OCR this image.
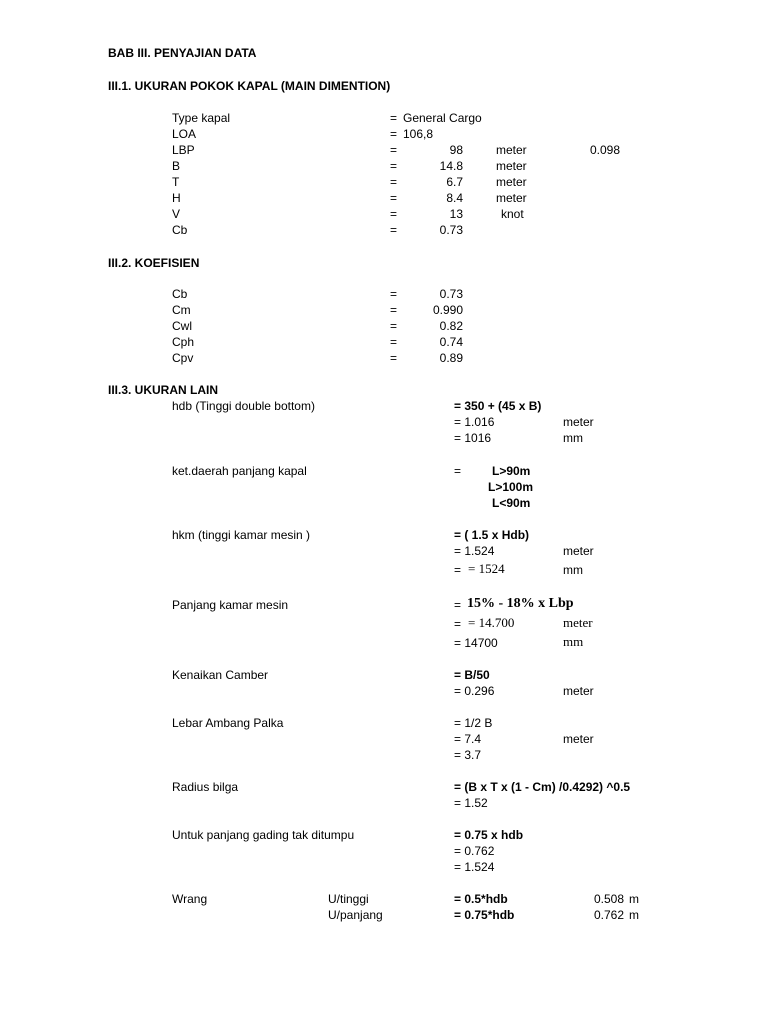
BAB III. PENYAJIAN DATA
III.1. UKURAN POKOK KAPAL (MAIN DIMENTION)
Type kapal	= General Cargo
LOA	= 106,8
LBP	=	98	meter	0.098
B	=	14.8	meter
T	=	6.7	meter
H	=	8.4	meter
V	=	13	knot
Cb	=	0.73
III.2. KOEFISIEN
Cb	=	0.73
Cm	=	0.990
Cwl	=	0.82
Cph	=	0.74
Cpv	=	0.89
III.3. UKURAN LAIN
hdb (Tinggi double bottom)	= 350 + (45 x B)
= 1.016	meter
= 1016	mm
ket.daerah panjang kapal	=	L>90m
L>100m
L<90m
hkm (tinggi kamar mesin )	= ( 1.5 x Hdb)
= 1.524	meter
= = 1524	mm
Panjang kamar mesin	= 15% - 18% x Lbp
= = 14.700	meter
= 14700	mm
Kenaikan Camber	= B/50
= 0.296	meter
Lebar Ambang Palka	= 1/2 B
= 7.4	meter
= 3.7
Radius bilga	= (B x T x (1 - Cm) /0.4292) ^0.5
= 1.52
Untuk panjang gading tak ditumpu	= 0.75 x hdb
= 0.762
= 1.524
Wrang	U/tinggi	= 0.5*hdb	0.508 m
U/panjang	= 0.75*hdb	0.762 m
